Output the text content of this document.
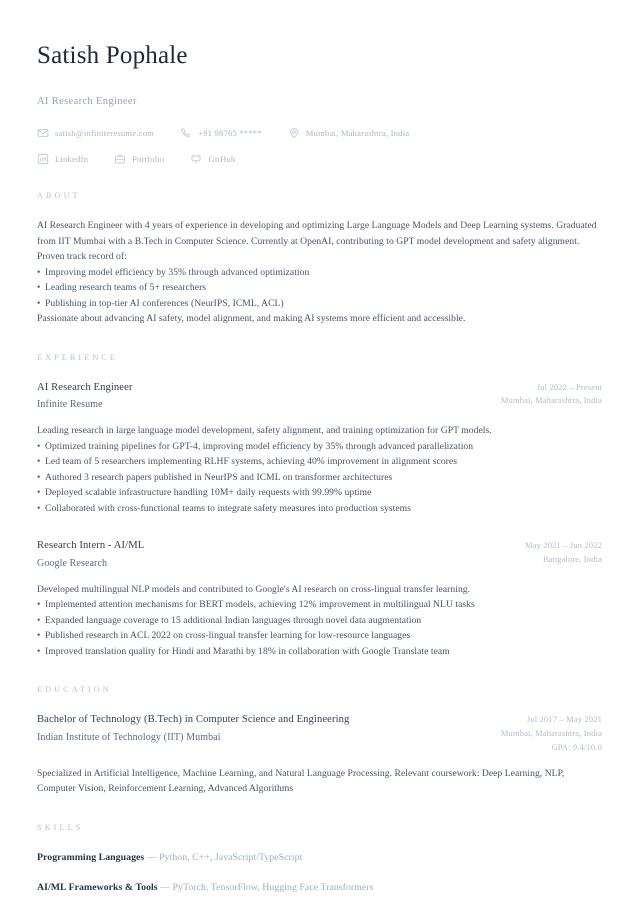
Satish Pophale
AI Research Engineer
satish@infiniteresume.com	+91 98765 *****	Mumbai, Maharashtra, India
LinkedIn	Portfolio	GitHub
ABOUT
AI Research Engineer with 4 years of experience in developing and optimizing Large Language Models and Deep Learning systems. Graduated from IIT Mumbai with a B.Tech in Computer Science. Currently at OpenAI, contributing to GPT model development and safety alignment. Proven track record of:
• Improving model efficiency by 35% through advanced optimization
• Leading research teams of 5+ researchers
• Publishing in top-tier AI conferences (NeurIPS, ICML, ACL)
Passionate about advancing AI safety, model alignment, and making AI systems more efficient and accessible.
EXPERIENCE
AI Research Engineer
Infinite Resume
Jul 2022 – Present
Mumbai, Maharashtra, India
Leading research in large language model development, safety alignment, and training optimization for GPT models.
• Optimized training pipelines for GPT-4, improving model efficiency by 35% through advanced parallelization
• Led team of 5 researchers implementing RLHF systems, achieving 40% improvement in alignment scores
• Authored 3 research papers published in NeurIPS and ICML on transformer architectures
• Deployed scalable infrastructure handling 10M+ daily requests with 99.99% uptime
• Collaborated with cross-functional teams to integrate safety measures into production systems
Research Intern - AI/ML
Google Research
May 2021 – Jun 2022
Bangalore, India
Developed multilingual NLP models and contributed to Google's AI research on cross-lingual transfer learning.
• Implemented attention mechanisms for BERT models, achieving 12% improvement in multilingual NLU tasks
• Expanded language coverage to 15 additional Indian languages through novel data augmentation
• Published research in ACL 2022 on cross-lingual transfer learning for low-resource languages
• Improved translation quality for Hindi and Marathi by 18% in collaboration with Google Translate team
EDUCATION
Bachelor of Technology (B.Tech) in Computer Science and Engineering
Indian Institute of Technology (IIT) Mumbai
Jul 2017 – May 2021
Mumbai, Maharashtra, India
GPA: 9.4/10.0
Specialized in Artificial Intelligence, Machine Learning, and Natural Language Processing. Relevant coursework: Deep Learning, NLP, Computer Vision, Reinforcement Learning, Advanced Algorithms
SKILLS
Programming Languages — Python, C++, JavaScript/TypeScript
AI/ML Frameworks & Tools — PyTorch, TensorFlow, Hugging Face Transformers
